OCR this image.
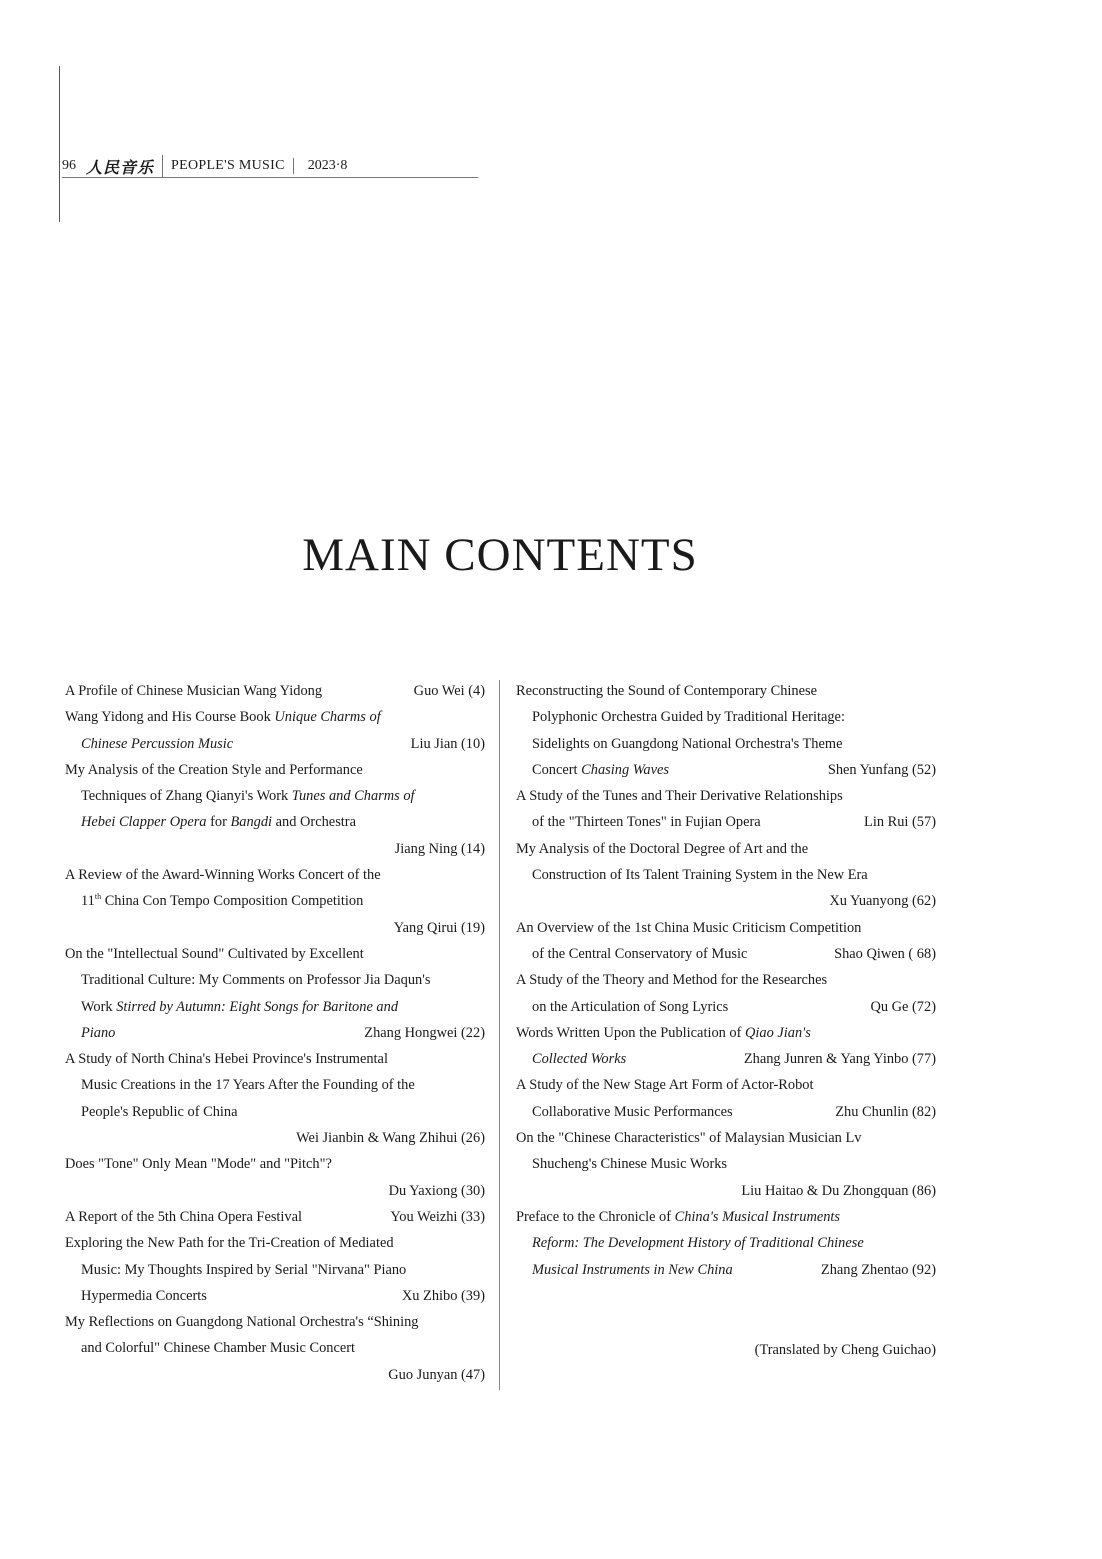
96 人民音乐	PEOPLE'S MUSIC	2023·8
MAIN CONTENTS
A Profile of Chinese Musician Wang Yidong	Guo Wei (4)
Wang Yidong and His Course Book Unique Charms of
Chinese Percussion Music	Liu Jian (10)
My Analysis of the Creation Style and Performance
Techniques of Zhang Qianyi's Work Tunes and Charms of
Hebei Clapper Opera for Bangdi and Orchestra
Jiang Ning (14)
A Review of the Award-Winning Works Concert of the
11th China Con Tempo Composition Competition
Yang Qirui (19)
On the "Intellectual Sound" Cultivated by Excellent
Traditional Culture: My Comments on Professor Jia Daqun's
Work Stirred by Autumn: Eight Songs for Baritone and
Piano	Zhang Hongwei (22)
A Study of North China's Hebei Province's Instrumental
Music Creations in the 17 Years After the Founding of the
People's Republic of China
Wei Jianbin & Wang Zhihui (26)
Does "Tone" Only Mean "Mode" and "Pitch"?
Du Yaxiong (30)
A Report of the 5th China Opera Festival	You Weizhi (33)
Exploring the New Path for the Tri-Creation of Mediated
Music: My Thoughts Inspired by Serial "Nirvana" Piano
Hypermedia Concerts	Xu Zhibo (39)
My Reflections on Guangdong National Orchestra's “Shining
and Colorful" Chinese Chamber Music Concert
Guo Junyan (47)
Reconstructing the Sound of Contemporary Chinese
Polyphonic Orchestra Guided by Traditional Heritage:
Sidelights on Guangdong National Orchestra's Theme
Concert Chasing Waves	Shen Yunfang (52)
A Study of the Tunes and Their Derivative Relationships
of the "Thirteen Tones" in Fujian Opera	Lin Rui (57)
My Analysis of the Doctoral Degree of Art and the
Construction of Its Talent Training System in the New Era
Xu Yuanyong (62)
An Overview of the 1st China Music Criticism Competition
of the Central Conservatory of Music	Shao Qiwen ( 68)
A Study of the Theory and Method for the Researches
on the Articulation of Song Lyrics	Qu Ge (72)
Words Written Upon the Publication of Qiao Jian's
Collected Works	Zhang Junren & Yang Yinbo (77)
A Study of the New Stage Art Form of Actor-Robot
Collaborative Music Performances	Zhu Chunlin (82)
On the "Chinese Characteristics" of Malaysian Musician Lv
Shucheng's Chinese Music Works
Liu Haitao & Du Zhongquan (86)
Preface to the Chronicle of China's Musical Instruments
Reform: The Development History of Traditional Chinese
Musical Instruments in New China	Zhang Zhentao (92)
(Translated by Cheng Guichao)
